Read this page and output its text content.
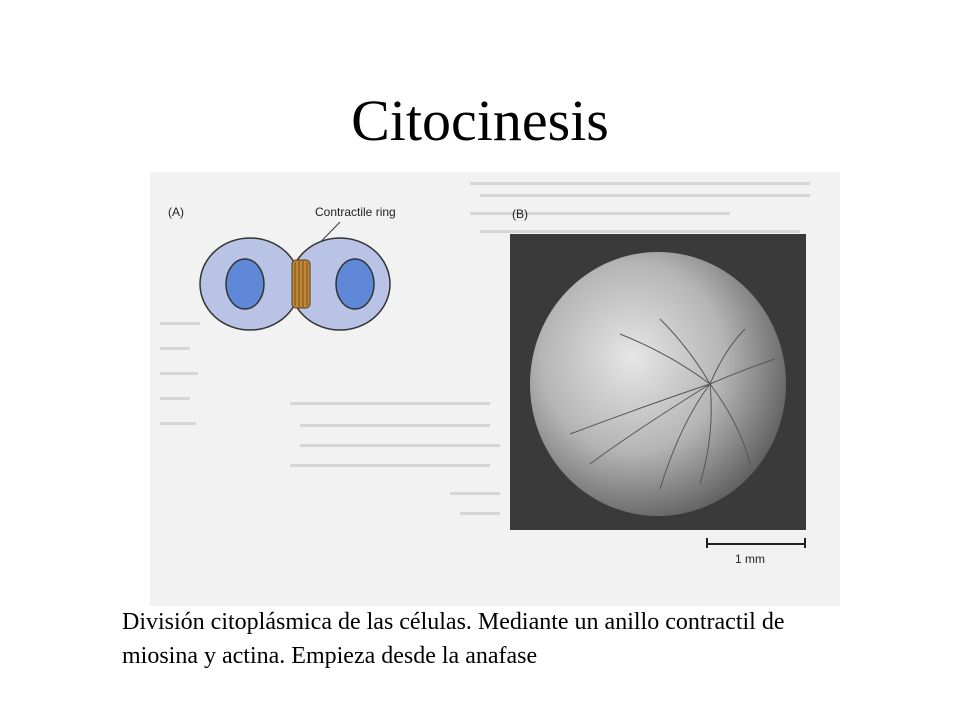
Citocinesis
(A)	Contractile ring	(B)
1 mm
División citoplásmica de las células. Mediante un anillo contractil de miosina y actina. Empieza desde la anafase
